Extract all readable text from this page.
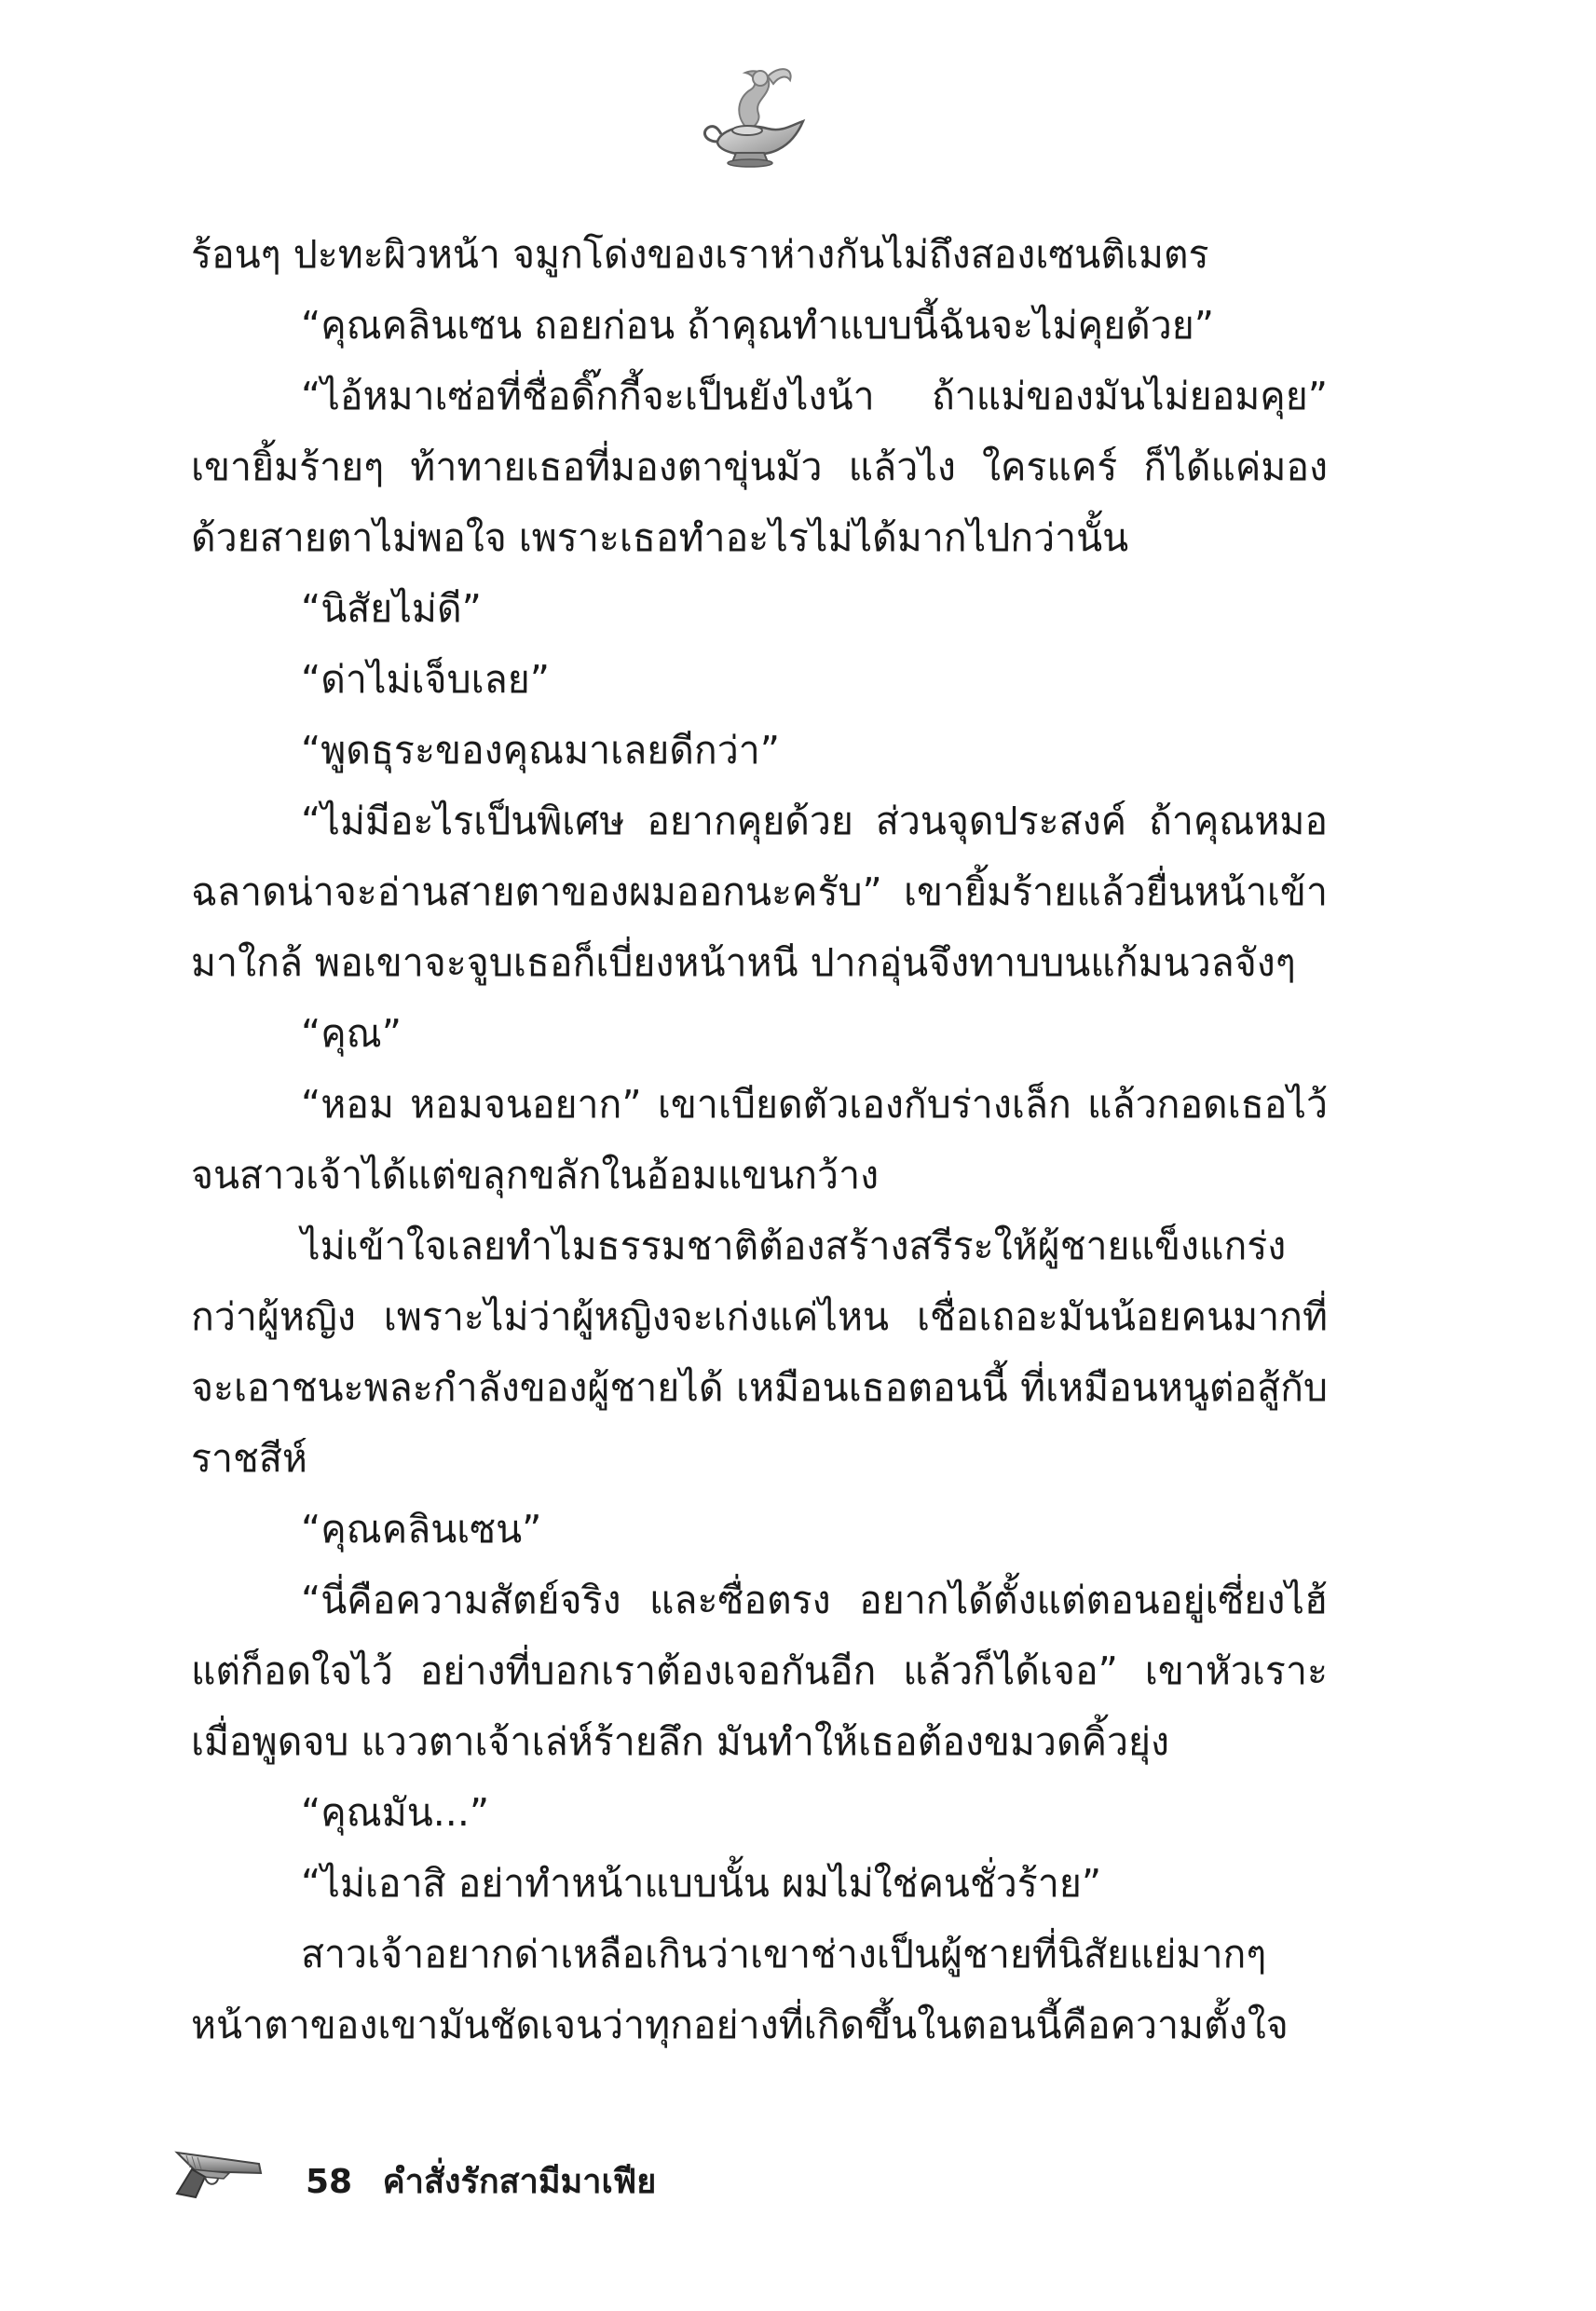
ร้อนๆ ปะทะผิวหน้า จมูกโด่งของเราห่างกันไม่ถึงสองเซนติเมตร

“คุณคลินเซน ถอยก่อน ถ้าคุณทำแบบนี้ฉันจะไม่คุยด้วย”

“ไอ้หมาเซ่อที่ชื่อดิ๊กกี้จะเป็นยังไงน้า ถ้าแม่ของมันไม่ยอมคุย” เขายิ้มร้ายๆ ท้าทายเธอที่มองตาขุ่นมัว แล้วไง ใครแคร์ ก็ได้แค่มองด้วยสายตาไม่พอใจ เพราะเธอทำอะไรไม่ได้มากไปกว่านั้น

“นิสัยไม่ดี”

“ด่าไม่เจ็บเลย”

“พูดธุระของคุณมาเลยดีกว่า”

“ไม่มีอะไรเป็นพิเศษ อยากคุยด้วย ส่วนจุดประสงค์ ถ้าคุณหมอฉลาดน่าจะอ่านสายตาของผมออกนะครับ” เขายิ้มร้ายแล้วยื่นหน้าเข้ามาใกล้ พอเขาจะจูบเธอก็เบี่ยงหน้าหนี ปากอุ่นจึงทาบบนแก้มนวลจังๆ

“คุณ”

“หอม หอมจนอยาก” เขาเบียดตัวเองกับร่างเล็ก แล้วกอดเธอไว้จนสาวเจ้าได้แต่ขลุกขลักในอ้อมแขนกว้าง

ไม่เข้าใจเลยทำไมธรรมชาติต้องสร้างสรีระให้ผู้ชายแข็งแกร่งกว่าผู้หญิง เพราะไม่ว่าผู้หญิงจะเก่งแค่ไหน เชื่อเถอะมันน้อยคนมากที่จะเอาชนะพละกำลังของผู้ชายได้ เหมือนเธอตอนนี้ ที่เหมือนหนูต่อสู้กับราชสีห์

“คุณคลินเซน”

“นี่คือความสัตย์จริง และซื่อตรง อยากได้ตั้งแต่ตอนอยู่เซี่ยงไฮ้ แต่ก็อดใจไว้ อย่างที่บอกเราต้องเจอกันอีก แล้วก็ได้เจอ” เขาหัวเราะเมื่อพูดจบ แววตาเจ้าเล่ห์ร้ายลึก มันทำให้เธอต้องขมวดคิ้วยุ่ง

“คุณมัน...”

“ไม่เอาสิ อย่าทำหน้าแบบนั้น ผมไม่ใช่คนชั่วร้าย”

สาวเจ้าอยากด่าเหลือเกินว่าเขาช่างเป็นผู้ชายที่นิสัยแย่มากๆ หน้าตาของเขามันชัดเจนว่าทุกอย่างที่เกิดขึ้นในตอนนี้คือความตั้งใจ

58 คำสั่งรักสามีมาเฟีย
